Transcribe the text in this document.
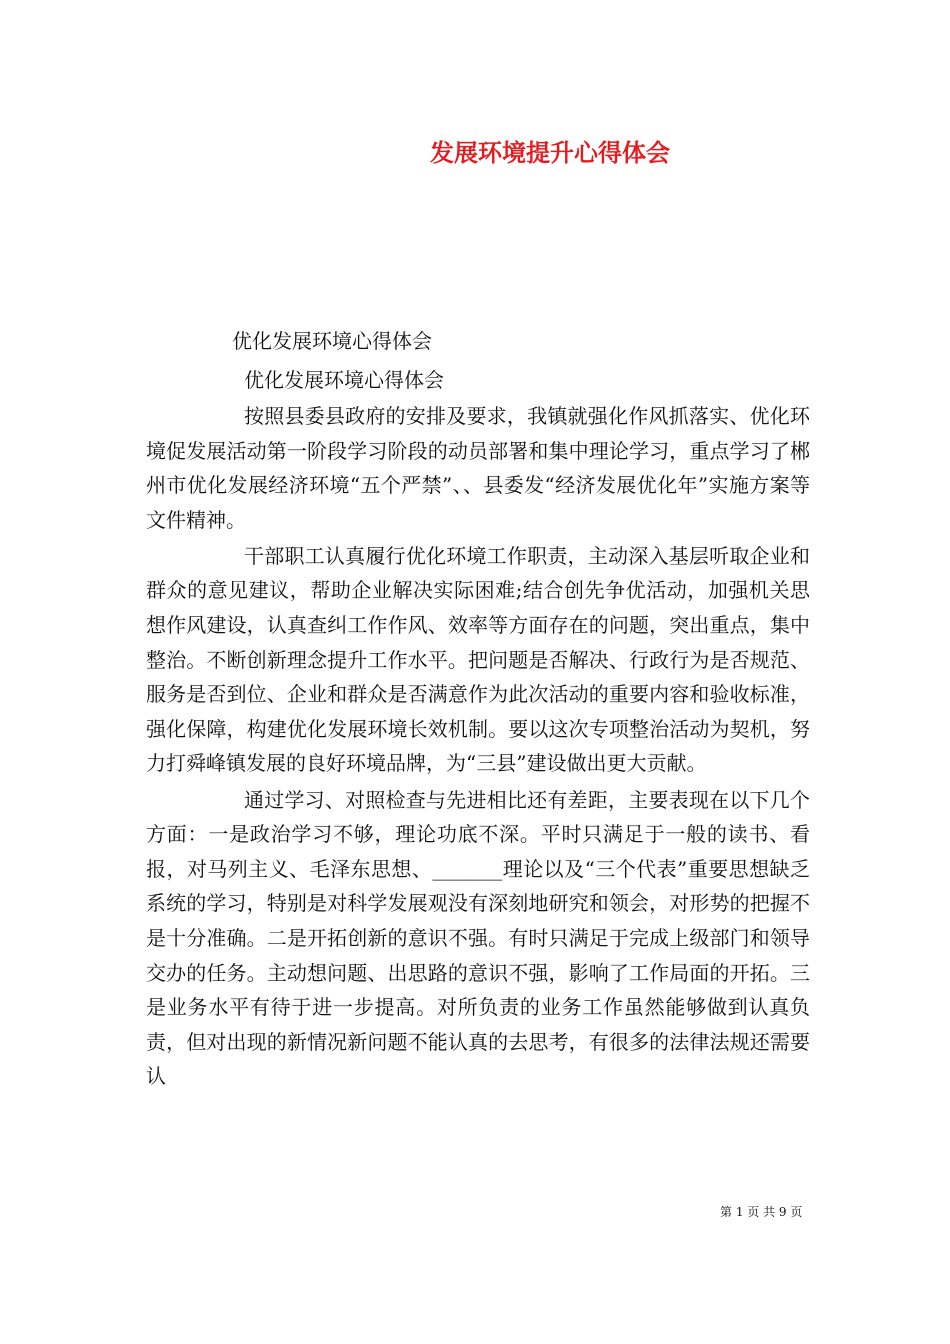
发展环境提升心得体会
优化发展环境心得体会
优化发展环境心得体会

按照县委县政府的安排及要求，我镇就强化作风抓落实、优化环境促发展活动第一阶段学习阶段的动员部署和集中理论学习，重点学习了郴州市优化发展经济环境“五个严禁”、、县委发“经济发展优化年”实施方案等文件精神。

干部职工认真履行优化环境工作职责，主动深入基层听取企业和群众的意见建议，帮助企业解决实际困难;结合创先争优活动，加强机关思想作风建设，认真查纠工作作风、效率等方面存在的问题，突出重点，集中整治。不断创新理念提升工作水平。把问题是否解决、行政行为是否规范、服务是否到位、企业和群众是否满意作为此次活动的重要内容和验收标准，强化保障，构建优化发展环境长效机制。要以这次专项整治活动为契机，努力打舜峰镇发展的良好环境品牌，为“三县”建设做出更大贡献。

通过学习、对照检查与先进相比还有差距，主要表现在以下几个方面：一是政治学习不够，理论功底不深。平时只满足于一般的读书、看报，对马列主义、毛泽东思想、_______理论以及“三个代表”重要思想缺乏系统的学习，特别是对科学发展观没有深刻地研究和领会，对形势的把握不是十分准确。二是开拓创新的意识不强。有时只满足于完成上级部门和领导交办的任务。主动想问题、出思路的意识不强，影响了工作局面的开拓。三是业务水平有待于进一步提高。对所负责的业务工作虽然能够做到认真负责，但对出现的新情况新问题不能认真的去思考，有很多的法律法规还需要认

第 1 页 共 9 页
